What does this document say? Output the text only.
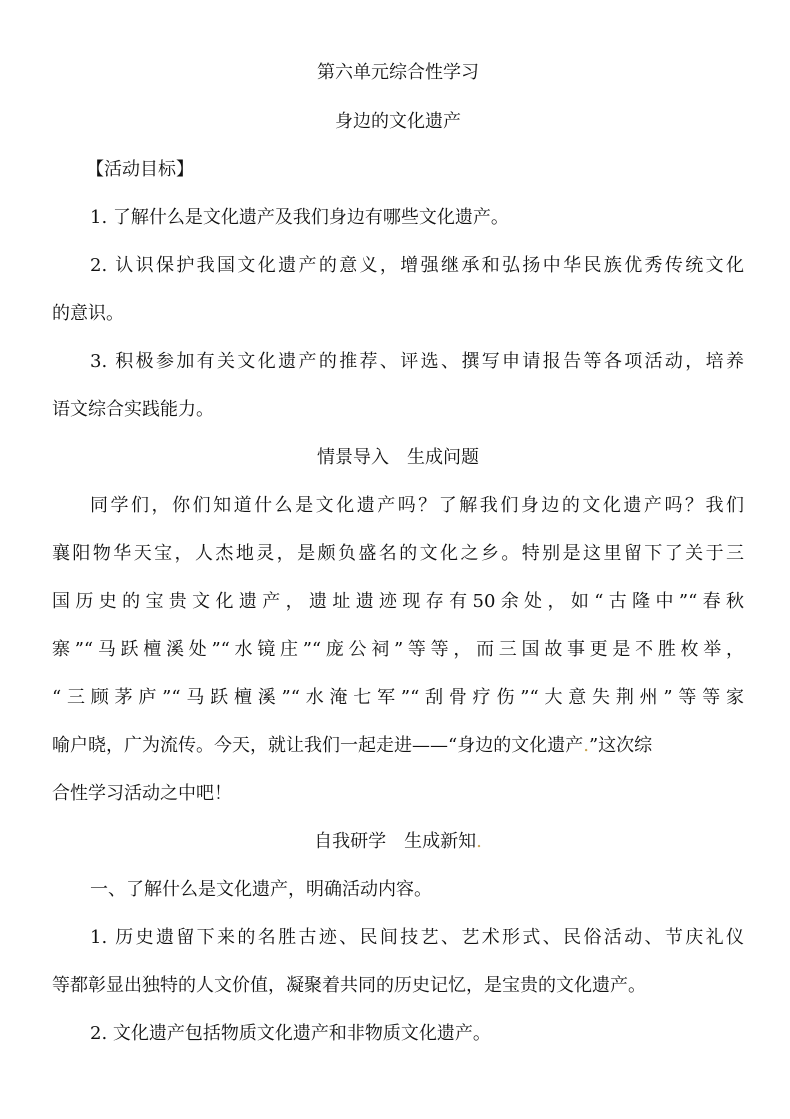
第六单元综合性学习
身边的文化遗产
【活动目标】
1. 了解什么是文化遗产及我们身边有哪些文化遗产。
2. 认识保护我国文化遗产的意义，增强继承和弘扬中华民族优秀传统文化
的意识。
3. 积极参加有关文化遗产的推荐、评选、撰写申请报告等各项活动，培养
语文综合实践能力。
情景导入　生成问题
同学们，你们知道什么是文化遗产吗？了解我们身边的文化遗产吗？我们
襄阳物华天宝，人杰地灵，是颇负盛名的文化之乡。特别是这里留下了关于三
国历史的宝贵文化遗产，遗址遗迹现存有50余处，如“古隆中”“春秋
寨”“马跃檀溪处”“水镜庄”“庞公祠”等等，而三国故事更是不胜枚举，
“三顾茅庐”“马跃檀溪”“水淹七军”“刮骨疗伤”“大意失荆州”等等家
喻户晓，广为流传。今天，就让我们一起走进——“身边的文化遗产.”这次综
合性学习活动之中吧！
自我研学　生成新知.
一、了解什么是文化遗产，明确活动内容。
1. 历史遗留下来的名胜古迹、民间技艺、艺术形式、民俗活动、节庆礼仪
等都彰显出独特的人文价值，凝聚着共同的历史记忆，是宝贵的文化遗产。
2. 文化遗产包括物质文化遗产和非物质文化遗产。
